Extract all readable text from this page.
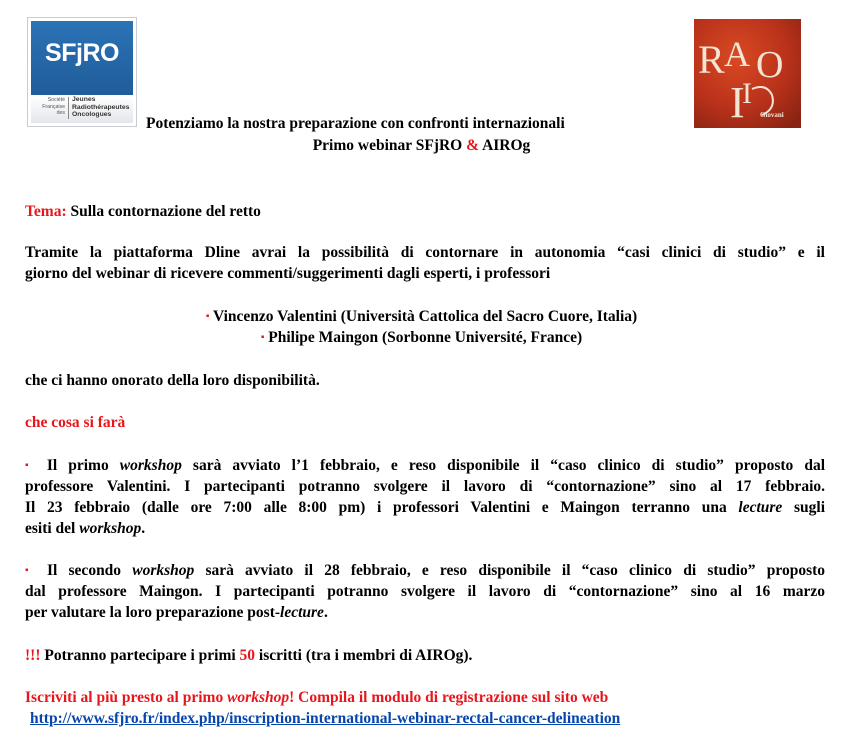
SFjRO
Société
Française
des
Jeunes
Radiothérapeutes
Oncologues
R A O
I
I
Giovani
Potenziamo la nostra preparazione con confronti internazionali
Primo webinar SFjRO & AIROg
Tema: Sulla contornazione del retto
Tramite la piattaforma Dline avrai la possibilità di contornare in autonomia “casi clinici di studio” e il
giorno del webinar di ricevere commenti/suggerimenti dagli esperti, i professori
▪ Vincenzo Valentini (Università Cattolica del Sacro Cuore, Italia)
▪ Philipe Maingon (Sorbonne Université, France)
che ci hanno onorato della loro disponibilità.
che cosa si farà
▪ Il primo workshop sarà avviato l’1 febbraio, e reso disponibile il “caso clinico di studio” proposto dal
professore Valentini. I partecipanti potranno svolgere il lavoro di “contornazione” sino al 17 febbraio.
Il 23 febbraio (dalle ore 7:00 alle 8:00 pm) i professori Valentini e Maingon terranno una lecture sugli
esiti del workshop.
▪ Il secondo workshop sarà avviato il 28 febbraio, e reso disponibile il “caso clinico di studio” proposto
dal professore Maingon. I partecipanti potranno svolgere il lavoro di “contornazione” sino al 16 marzo
per valutare la loro preparazione post-lecture.
!!! Potranno partecipare i primi 50 iscritti (tra i membri di AIROg).
Iscriviti al più presto al primo workshop! Compila il modulo di registrazione sul sito web
http://www.sfjro.fr/index.php/inscription-international-webinar-rectal-cancer-delineation
